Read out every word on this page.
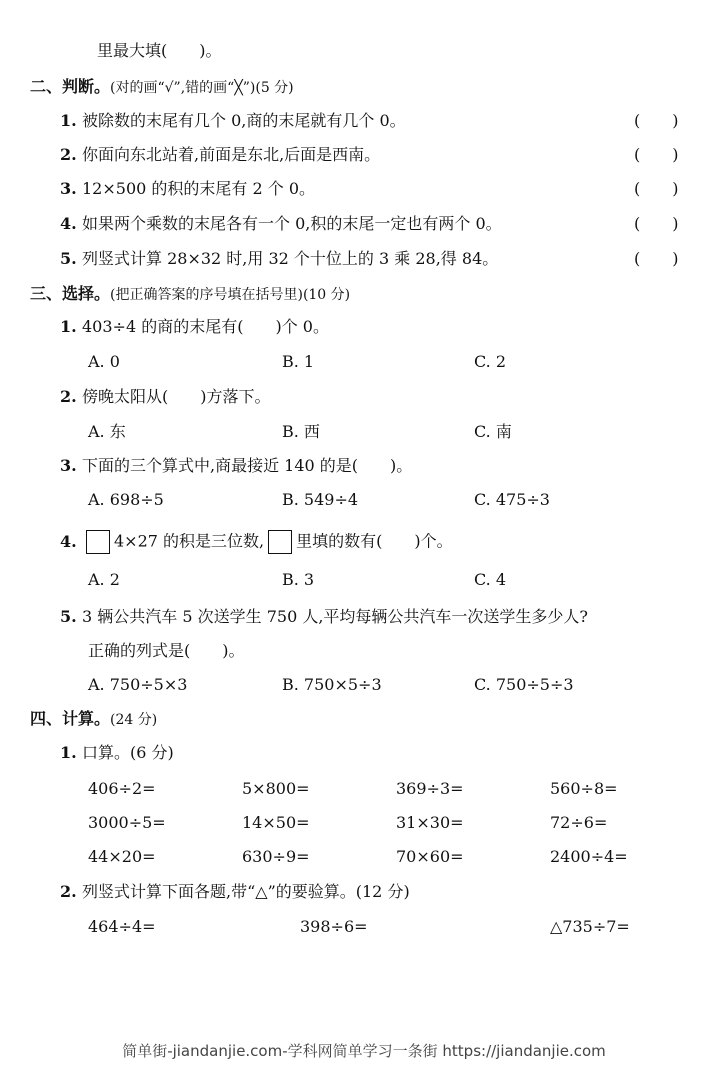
里最大填(　　)。
二、判断。(对的画“√”,错的画“╳”)(5 分)
1. 被除数的末尾有几个 0,商的末尾就有几个 0。	(　　)
2. 你面向东北站着,前面是东北,后面是西南。	(　　)
3. 12×500 的积的末尾有 2 个 0。	(　　)
4. 如果两个乘数的末尾各有一个 0,积的末尾一定也有两个 0。	(　　)
5. 列竖式计算 28×32 时,用 32 个十位上的 3 乘 28,得 84。	(　　)
三、选择。(把正确答案的序号填在括号里)(10 分)
1. 403÷4 的商的末尾有(　　)个 0。
A. 0	B. 1	C. 2
2. 傍晚太阳从(　　)方落下。
A. 东	B. 西	C. 南
3. 下面的三个算式中,商最接近 140 的是(　　)。
A. 698÷5	B. 549÷4	C. 475÷3
4. 4×27 的积是三位数, 里填的数有(　　)个。
A. 2	B. 3	C. 4
5. 3 辆公共汽车 5 次送学生 750 人,平均每辆公共汽车一次送学生多少人?
正确的列式是(　　)。
A. 750÷5×3	B. 750×5÷3	C. 750÷5÷3
四、计算。(24 分)
1. 口算。(6 分)
406÷2=	5×800=	369÷3=	560÷8=
3000÷5=	14×50=	31×30=	72÷6=
44×20=	630÷9=	70×60=	2400÷4=
2. 列竖式计算下面各题,带“△”的要验算。(12 分)
464÷4=	398÷6=	△735÷7=
简单街-jiandanjie.com-学科网简单学习一条街 https://jiandanjie.com
